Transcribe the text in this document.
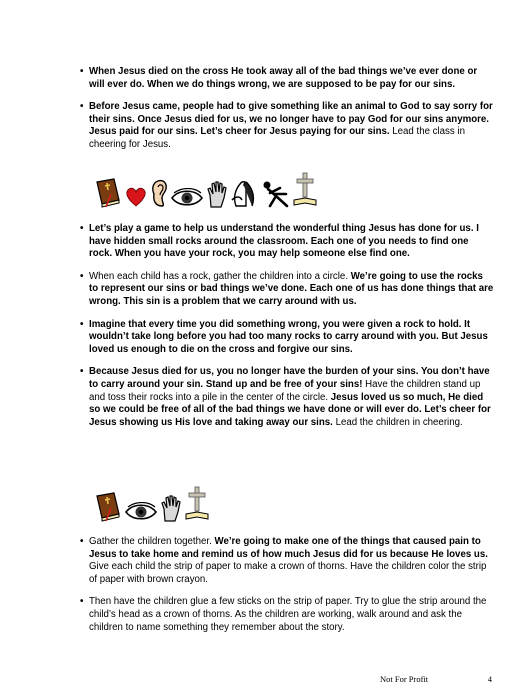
• When Jesus died on the cross He took away all of the bad things we’ve ever done or will ever do. When we do things wrong, we are supposed to be pay for our sins.
• Before Jesus came, people had to give something like an animal to God to say sorry for their sins. Once Jesus died for us, we no longer have to pay God for our sins anymore. Jesus paid for our sins. Let’s cheer for Jesus paying for our sins. Lead the class in cheering for Jesus.
• Let’s play a game to help us understand the wonderful thing Jesus has done for us. I have hidden small rocks around the classroom. Each one of you needs to find one rock. When you have your rock, you may help someone else find one.
• When each child has a rock, gather the children into a circle. We’re going to use the rocks to represent our sins or bad things we’ve done. Each one of us has done things that are wrong. This sin is a problem that we carry around with us.
• Imagine that every time you did something wrong, you were given a rock to hold. It wouldn’t take long before you had too many rocks to carry around with you. But Jesus loved us enough to die on the cross and forgive our sins.
• Because Jesus died for us, you no longer have the burden of your sins. You don’t have to carry around your sin. Stand up and be free of your sins! Have the children stand up and toss their rocks into a pile in the center of the circle. Jesus loved us so much, He died so we could be free of all of the bad things we have done or will ever do. Let’s cheer for Jesus showing us His love and taking away our sins. Lead the children in cheering.
• Gather the children together. We’re going to make one of the things that caused pain to Jesus to take home and remind us of how much Jesus did for us because He loves us. Give each child the strip of paper to make a crown of thorns. Have the children color the strip of paper with brown crayon.
• Then have the children glue a few sticks on the strip of paper. Try to glue the strip around the child’s head as a crown of thorns. As the children are working, walk around and ask the children to name something they remember about the story.
Not For Profit	4
